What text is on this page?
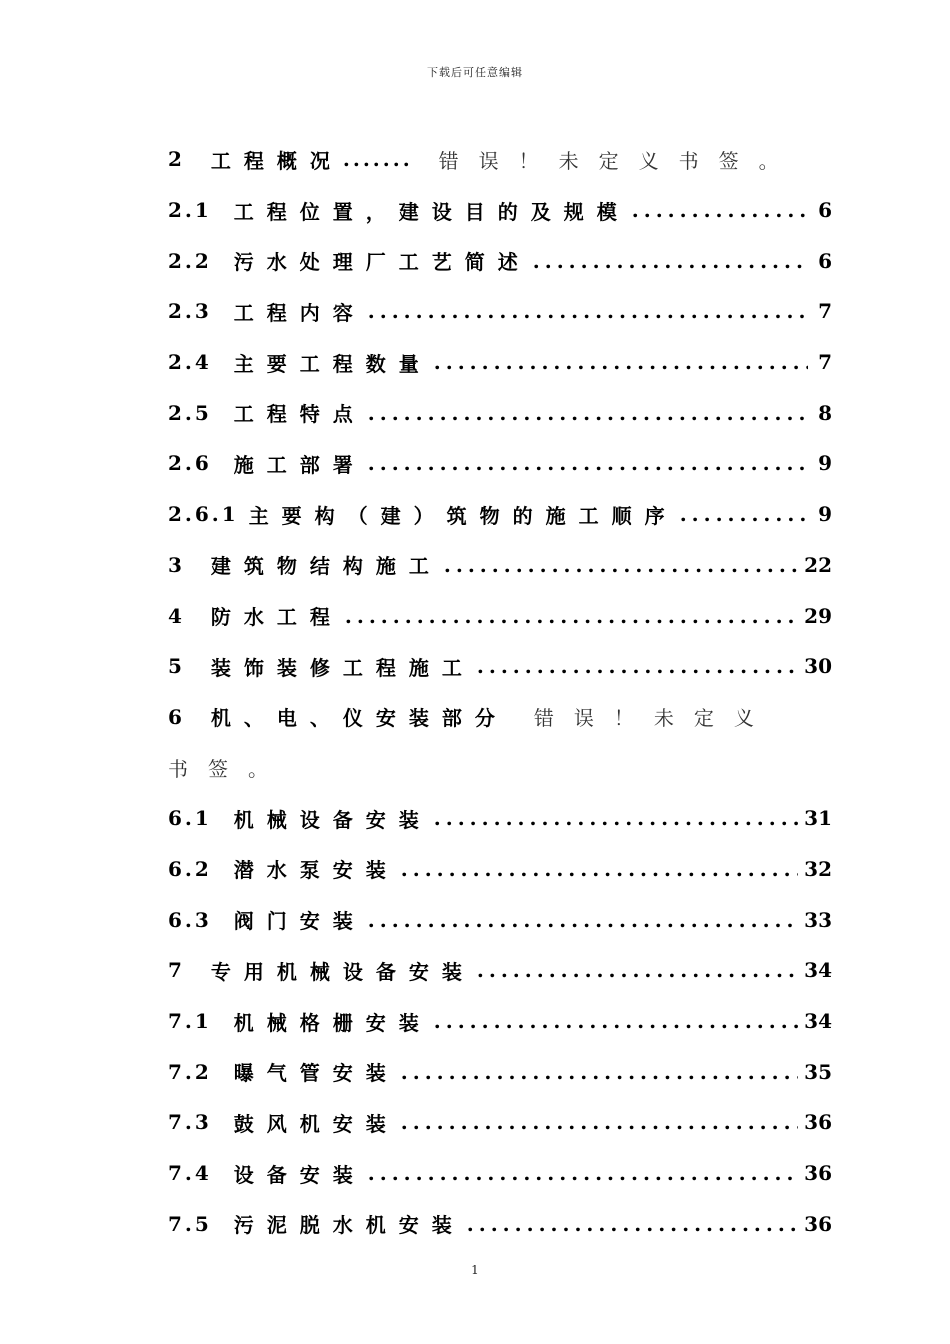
下载后可任意编辑
2 工程概况 ....... 错误！未定义书签。
2.1 工程位置，建设目的及规模 .....	6
2.2 污水处理厂工艺简述 .....	6
2.3 工程内容 .....	7
2.4 主要工程数量 .....	7
2.5 工程特点 .....	8
2.6 施工部署 .....	9
2.6.1 主要构（建）筑物的施工顺序 .....	9
3 建筑物结构施工 .....	22
4 防水工程 .....	29
5 装饰装修工程施工 .....	30
6 机、电、仪安装部分 错误！未定义
书签。
6.1 机械设备安装 .....	31
6.2 潜水泵安装 .....	32
6.3 阀门安装 .....	33
7 专用机械设备安装 .....	34
7.1 机械格栅安装 .....	34
7.2 曝气管安装 .....	35
7.3 鼓风机安装 .....	36
7.4 设备安装 .....	36
7.5 污泥脱水机安装 .....	36
1
